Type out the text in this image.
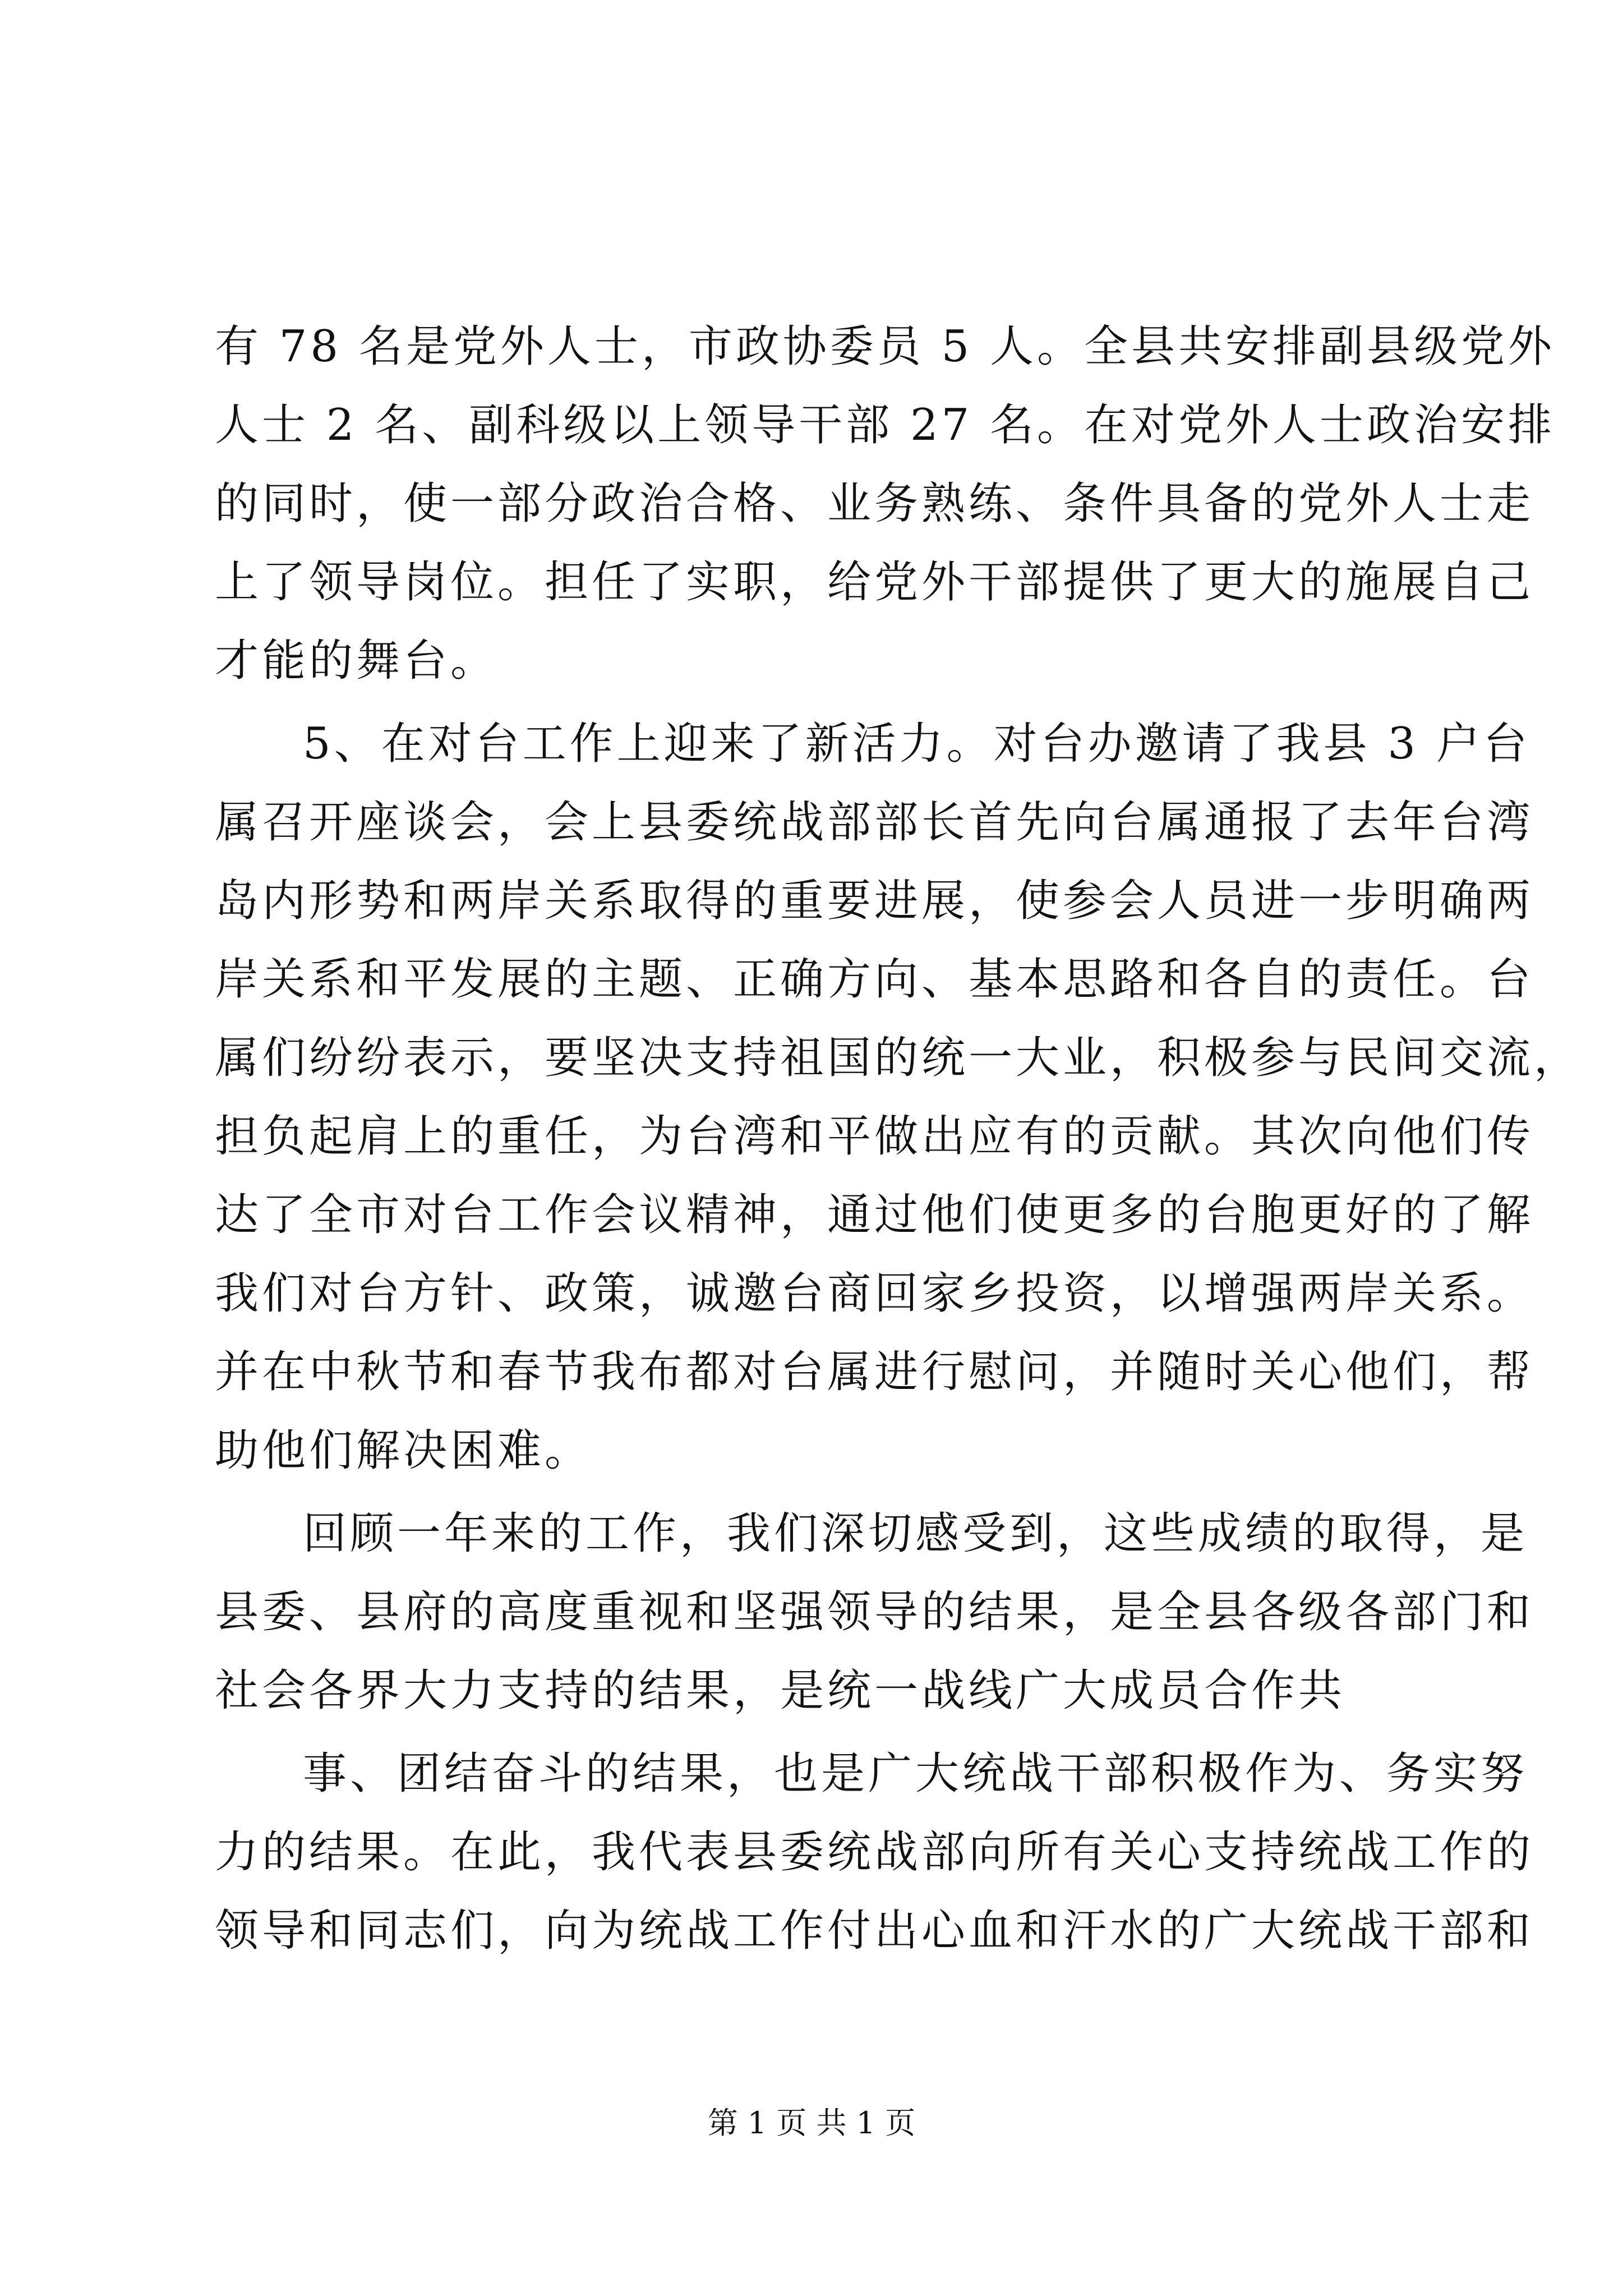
有 78 名是党外人士，市政协委员 5 人。全县共安排副县级党外
人士 2 名、副科级以上领导干部 27 名。在对党外人士政治安排
的同时，使一部分政治合格、业务熟练、条件具备的党外人士走
上了领导岗位。担任了实职，给党外干部提供了更大的施展自己
才能的舞台。
5、在对台工作上迎来了新活力。对台办邀请了我县 3 户台
属召开座谈会，会上县委统战部部长首先向台属通报了去年台湾
岛内形势和两岸关系取得的重要进展，使参会人员进一步明确两
岸关系和平发展的主题、正确方向、基本思路和各自的责任。台
属们纷纷表示，要坚决支持祖国的统一大业，积极参与民间交流，
担负起肩上的重任，为台湾和平做出应有的贡献。其次向他们传
达了全市对台工作会议精神，通过他们使更多的台胞更好的了解
我们对台方针、政策，诚邀台商回家乡投资，以增强两岸关系。
并在中秋节和春节我布都对台属进行慰问，并随时关心他们，帮
助他们解决困难。
回顾一年来的工作，我们深切感受到，这些成绩的取得，是
县委、县府的高度重视和坚强领导的结果，是全县各级各部门和
社会各界大力支持的结果，是统一战线广大成员合作共
事、团结奋斗的结果，也是广大统战干部积极作为、务实努
力的结果。在此，我代表县委统战部向所有关心支持统战工作的
领导和同志们，向为统战工作付出心血和汗水的广大统战干部和
第 1 页 共 1 页
